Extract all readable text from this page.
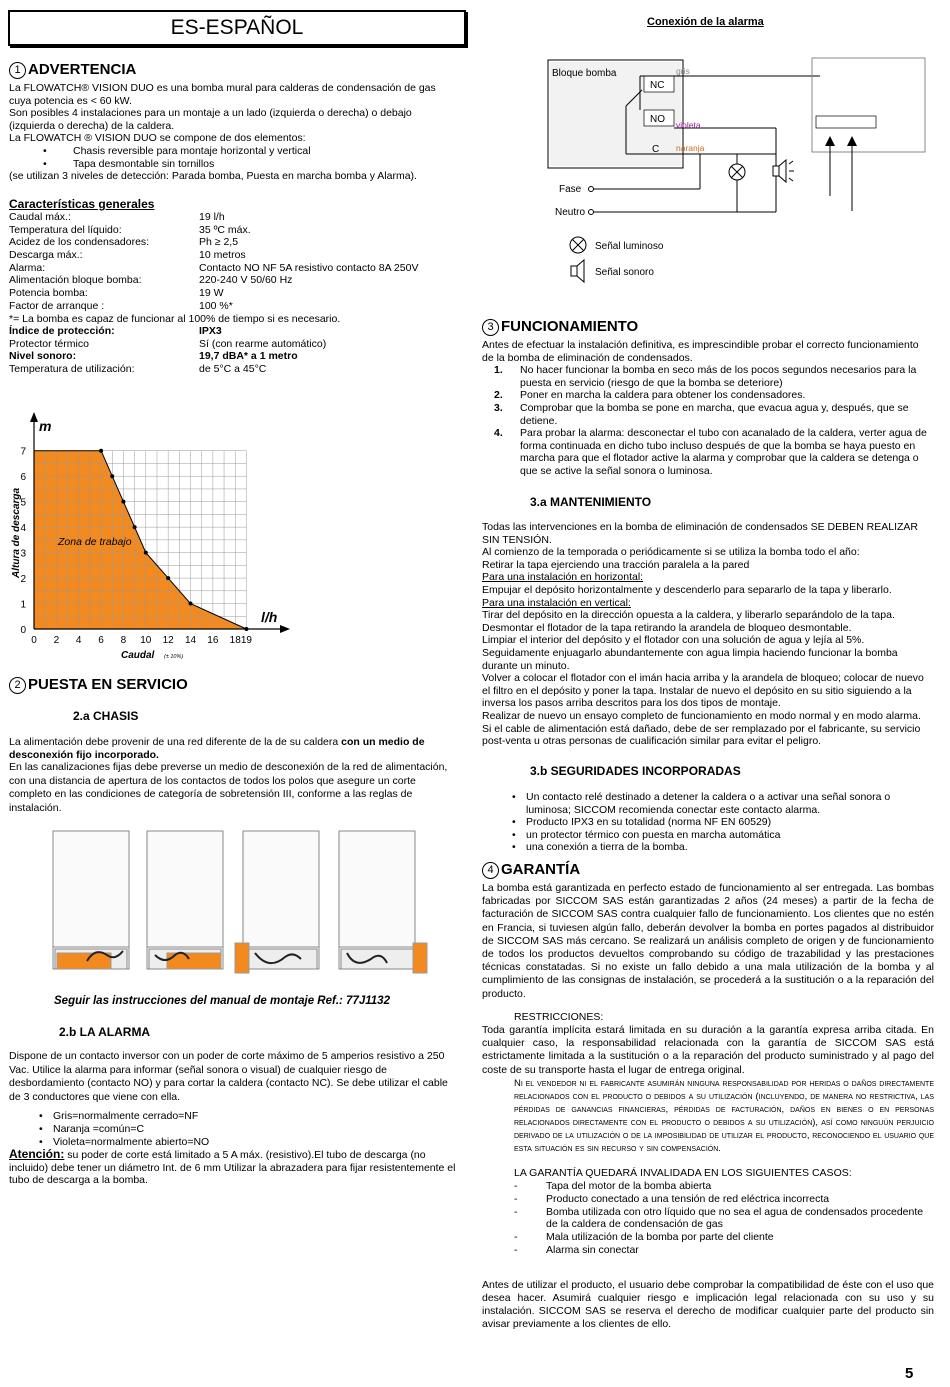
ES-ESPAÑOL	Conexión de la alarma
Bloque bomba
NC
NO
C
gris
violeta
naranja
Fase
Neutro
Señal luminoso
Señal sonoro
1 ADVERTENCIA

La FLOWATCH® VISION DUO es una bomba mural para calderas de condensación de gas cuya potencia es < 60 kW.

Son posibles 4 instalaciones para un montaje a un lado (izquierda o derecha) o debajo (izquierda o derecha) de la caldera.

La FLOWATCH ® VISION DUO se compone de dos elementos:

• Chasis reversible para montaje horizontal y vertical
• Tapa desmontable sin tornillos

(se utilizan 3 niveles de detección: Parada bomba, Puesta en marcha bomba y Alarma).

Características generales
Caudal máx.:	19 l/h
Temperatura del líquido:	35 ºC máx.
Acidez de los condensadores:	Ph ≥ 2,5
Descarga máx.:	10 metros
Alarma:	Contacto NO NF 5A resistivo contacto 8A 250V
Alimentación bloque bomba:	220-240 V 50/60 Hz
Potencia bomba:	19 W
Factor de arranque :	100 %*
*= La bomba es capaz de funcionar al 100% de tiempo si es necesario.
Índice de protección:	IPX3
Protector térmico	Sí (con rearme automático)
Nivel sonoro:	19,7 dBA* a 1 metro
Temperatura de utilización:	de 5°C a 45°C
0 2 4 6 8 10 12 14 16 18 19
0
1
2
3
4
5
6
7
m
l/h
Caudal (± 10%)
Altura de descarga	Zona de trabajo
2 PUESTA EN SERVICIO
2.a CHASIS

La alimentación debe provenir de una red diferente de la de su caldera con un medio de desconexión fijo incorporado.

En las canalizaciones fijas debe preverse un medio de desconexión de la red de alimentación, con una distancia de apertura de los contactos de todos los polos que asegure un corte completo en las condiciones de categoría de sobretensión III, conforme a las reglas de instalación.

Seguir las instrucciones del manual de montaje Ref.: 77J1132
2.b LA ALARMA

Dispone de un contacto inversor con un poder de corte máximo de 5 amperios resistivo a 250 Vac. Utilice la alarma para informar (señal sonora o visual) de cualquier riesgo de desbordamiento (contacto NO) y para cortar la caldera (contacto NC). Se debe utilizar el cable de 3 conductores que viene con ella.

• Gris=normalmente cerrado=NF
• Naranja =común=C
• Violeta=normalmente abierto=NO

Atención: su poder de corte está limitado a 5 A máx. (resistivo).El tubo de descarga (no incluido) debe tener un diámetro Int. de 6 mm Utilizar la abrazadera para fijar resistentemente el tubo de descarga a la bomba.

3 FUNCIONAMIENTO

Antes de efectuar la instalación definitiva, es imprescindible probar el correcto funcionamiento de la bomba de eliminación de condensados.

1. No hacer funcionar la bomba en seco más de los pocos segundos necesarios para la puesta en servicio (riesgo de que la bomba se deteriore)
2. Poner en marcha la caldera para obtener los condensadores.
3. Comprobar que la bomba se pone en marcha, que evacua agua y, después, que se detiene.
4. Para probar la alarma: desconectar el tubo con acanalado de la caldera, verter agua de forma continuada en dicho tubo incluso después de que la bomba se haya puesto en marcha para que el flotador active la alarma y comprobar que la caldera se detenga o que se active la señal sonora o luminosa.
3.a MANTENIMIENTO

Todas las intervenciones en la bomba de eliminación de condensados SE DEBEN REALIZAR SIN TENSIÓN.

Al comienzo de la temporada o periódicamente si se utiliza la bomba todo el año:

Retirar la tapa ejerciendo una tracción paralela a la pared

Para una instalación en horizontal:

Empujar el depósito horizontalmente y descenderlo para separarlo de la tapa y liberarlo.

Para una instalación en vertical:

Tirar del depósito en la dirección opuesta a la caldera, y liberarlo separándolo de la tapa.

Desmontar el flotador de la tapa retirando la arandela de bloqueo desmontable.

Limpiar el interior del depósito y el flotador con una solución de agua y lejía al 5%.

Seguidamente enjuagarlo abundantemente con agua limpia haciendo funcionar la bomba durante un minuto.

Volver a colocar el flotador con el imán hacia arriba y la arandela de bloqueo; colocar de nuevo el filtro en el depósito y poner la tapa. Instalar de nuevo el depósito en su sitio siguiendo a la inversa los pasos arriba descritos para los dos tipos de montaje.

Realizar de nuevo un ensayo completo de funcionamiento en modo normal y en modo alarma.

Si el cable de alimentación está dañado, debe de ser remplazado por el fabricante, su servicio post-venta u otras personas de cualificación similar para evitar el peligro.

3.b SEGURIDADES INCORPORADAS
• Un contacto relé destinado a detener la caldera o a activar una señal sonora o luminosa; SICCOM recomienda conectar este contacto alarma.
• Producto IPX3 en su totalidad (norma NF EN 60529)
• un protector térmico con puesta en marcha automática
• una conexión a tierra de la bomba.
4 GARANTÍA

La bomba está garantizada en perfecto estado de funcionamiento al ser entregada. Las bombas fabricadas por SICCOM SAS están garantizadas 2 años (24 meses) a partir de la fecha de facturación de SICCOM SAS contra cualquier fallo de funcionamiento. Los clientes que no estén en Francia, si tuviesen algún fallo, deberán devolver la bomba en portes pagados al distribuidor de SICCOM SAS más cercano. Se realizará un análisis completo de origen y de funcionamiento de todos los productos devueltos comprobando su código de trazabilidad y las prestaciones técnicas constatadas. Si no existe un fallo debido a una mala utilización de la bomba y al cumplimiento de las consignas de instalación, se procederá a la sustitución o a la reparación del producto.

RESTRICCIONES:

Toda garantía implícita estará limitada en su duración a la garantía expresa arriba citada. En cualquier caso, la responsabilidad relacionada con la garantía de SICCOM SAS está estrictamente limitada a la sustitución o a la reparación del producto suministrado y al pago del coste de su transporte hasta el lugar de entrega original.

Ni el vendedor ni el fabricante asumirán ninguna responsabilidad por heridas o daños directamente relacionados con el producto o debidos a su utilización (incluyendo, de manera no restrictiva, las pérdidas de ganancias financieras, pérdidas de facturación, daños en bienes o en personas relacionados directamente con el producto o debidos a su utilización), así como ninguún perjuicio derivado de la utilización o de la imposibilidad de utilizar el producto, reconociendo el usuario que esta situación es sin recurso y sin compensación.

LA GARANTÍA QUEDARÁ INVALIDADA EN LOS SIGUIENTES CASOS:

- Tapa del motor de la bomba abierta
- Producto conectado a una tensión de red eléctrica incorrecta
- Bomba utilizada con otro líquido que no sea el agua de condensados procedente de la caldera de condensación de gas
- Mala utilización de la bomba por parte del cliente
- Alarma sin conectar

Antes de utilizar el producto, el usuario debe comprobar la compatibilidad de éste con el uso que desea hacer. Asumirá cualquier riesgo e implicación legal relacionada con su uso y su instalación. SICCOM SAS se reserva el derecho de modificar cualquier parte del producto sin avisar previamente a los clientes de ello.

5
